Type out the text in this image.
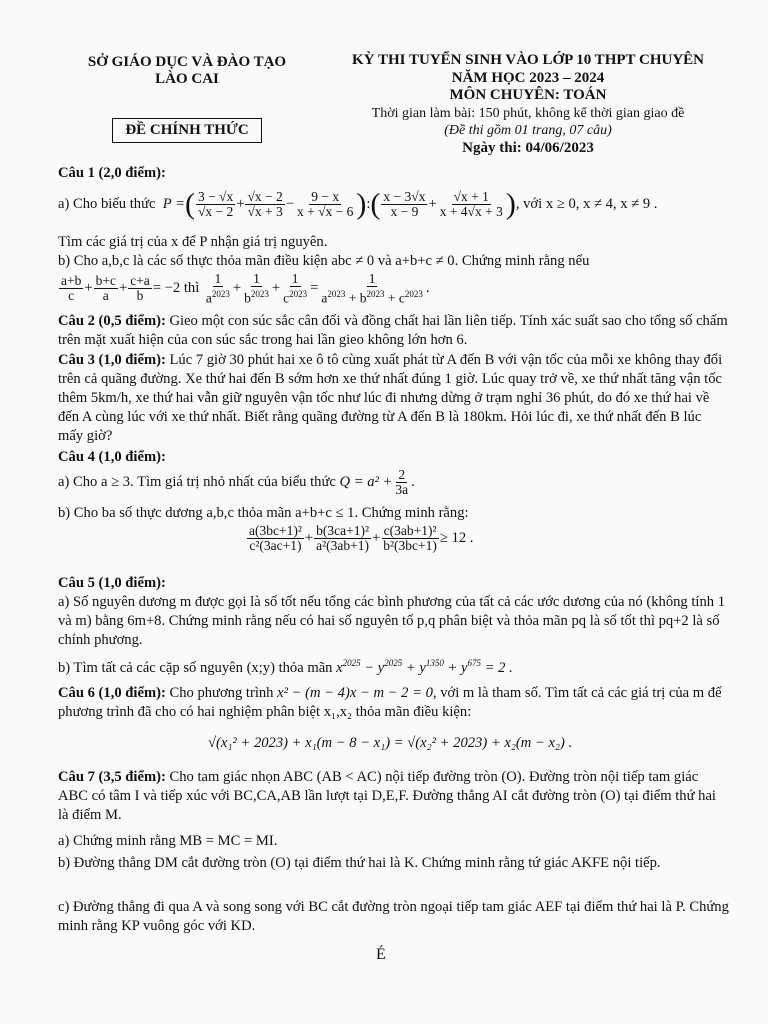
SỞ GIÁO DỤC VÀ ĐÀO TẠO
LÀO CAI
ĐỀ CHÍNH THỨC
KỲ THI TUYỂN SINH VÀO LỚP 10 THPT CHUYÊN
NĂM HỌC 2023 – 2024
MÔN CHUYÊN: TOÁN
Thời gian làm bài: 150 phút, không kể thời gian giao đề
(Đề thi gồm 01 trang, 07 câu)
Ngày thi: 04/06/2023
Câu 1 (2,0 điểm):
a) Cho biểu thức  P =( $\frac{3 - √x}{√x - 2} + \frac{√x - 2}{√x + 3} - \frac{9 - x}{x + √x - 6}$ ):( $\frac{x - 3√x}{x - 9} + \frac{√x + 1}{x + 4√x + 3}$ ), với x ≥ 0, x ≠ 4, x ≠ 9 .
Tìm các giá trị của x để P nhận giá trị nguyên.
b) Cho a,b,c là các số thực thỏa mãn điều kiện abc ≠ 0 và a+b+c ≠ 0. Chứng minh rằng nếu
$\frac{a+b}{c} + \frac{b+c}{a} + \frac{c+a}{b} = -2$ thì $\frac{1}{a^{2023}} + \frac{1}{b^{2023}} + \frac{1}{c^{2023}} = \frac{1}{a^{2023} + b^{2023} + c^{2023}}$ .
Câu 2 (0,5 điểm): Gieo một con súc sắc cân đối và đồng chất hai lần liên tiếp. Tính xác suất sao cho tổng số chấm trên mặt xuất hiện của con súc sắc trong hai lần gieo không lớn hơn 6.
Câu 3 (1,0 điểm): Lúc 7 giờ 30 phút hai xe ô tô cùng xuất phát từ A đến B với vận tốc của mỗi xe không thay đổi trên cả quãng đường. Xe thứ hai đến B sớm hơn xe thứ nhất đúng 1 giờ. Lúc quay trở về, xe thứ nhất tăng vận tốc thêm 5km/h, xe thứ hai vẫn giữ nguyên vận tốc như lúc đi nhưng dừng ở trạm nghỉ 36 phút, do đó xe thứ hai về đến A cùng lúc với xe thứ nhất. Biết rằng quãng đường từ A đến B là 180km. Hỏi lúc đi, xe thứ nhất đến B lúc mấy giờ?
Câu 4 (1,0 điểm):
a) Cho a ≥ 3. Tìm giá trị nhỏ nhất của biểu thức $Q = a^2 + \frac{2}{3a}$ .
b) Cho ba số thực dương a,b,c thỏa mãn a+b+c ≤ 1. Chứng minh rằng:
$\frac{\text{a(3bc+1)²}}{\text{c²(3ac+1)}} + \frac{\text{b(3ca+1)²}}{\text{a²(3ab+1)}} + \frac{\text{c(3ab+1)²}}{\text{b²(3bc+1)}} \ge 12$ .
Câu 5 (1,0 điểm):
a) Số nguyên dương m được gọi là số tốt nếu tổng các bình phương của tất cả các ước dương của nó (không tính 1 và m) bằng 6m+8. Chứng minh rằng nếu có hai số nguyên tố p,q phân biệt và thỏa mãn pq là số tốt thì pq+2 là số chính phương.
b) Tìm tất cả các cặp số nguyên (x;y) thỏa mãn $x^{2025} - y^{2025} + y^{1350} + y^{675} = 2$ .
Câu 6 (1,0 điểm): Cho phương trình x² − (m − 4)x − m − 2 = 0, với m là tham số. Tìm tất cả các giá trị của m để phương trình đã cho có hai nghiệm phân biệt x₁,x₂ thỏa mãn điều kiện:
√(x₁² + 2023) + x₁(m − 8 − x₁) = √(x₂² + 2023) + x₂(m − x₂) .
Câu 7 (3,5 điểm): Cho tam giác nhọn ABC (AB < AC) nội tiếp đường tròn (O). Đường tròn nội tiếp tam giác ABC có tâm I và tiếp xúc với BC,CA,AB lần lượt tại D,E,F. Đường thẳng AI cắt đường tròn (O) tại điểm thứ hai là điểm M.
a) Chứng minh rằng MB = MC = MI.
b) Đường thẳng DM cắt đường tròn (O) tại điểm thứ hai là K. Chứng minh rằng tứ giác AKFE nội tiếp.
c) Đường thẳng đi qua A và song song với BC cắt đường tròn ngoại tiếp tam giác AEF tại điểm thứ hai là P. Chứng minh rằng KP vuông góc với KD.
É
